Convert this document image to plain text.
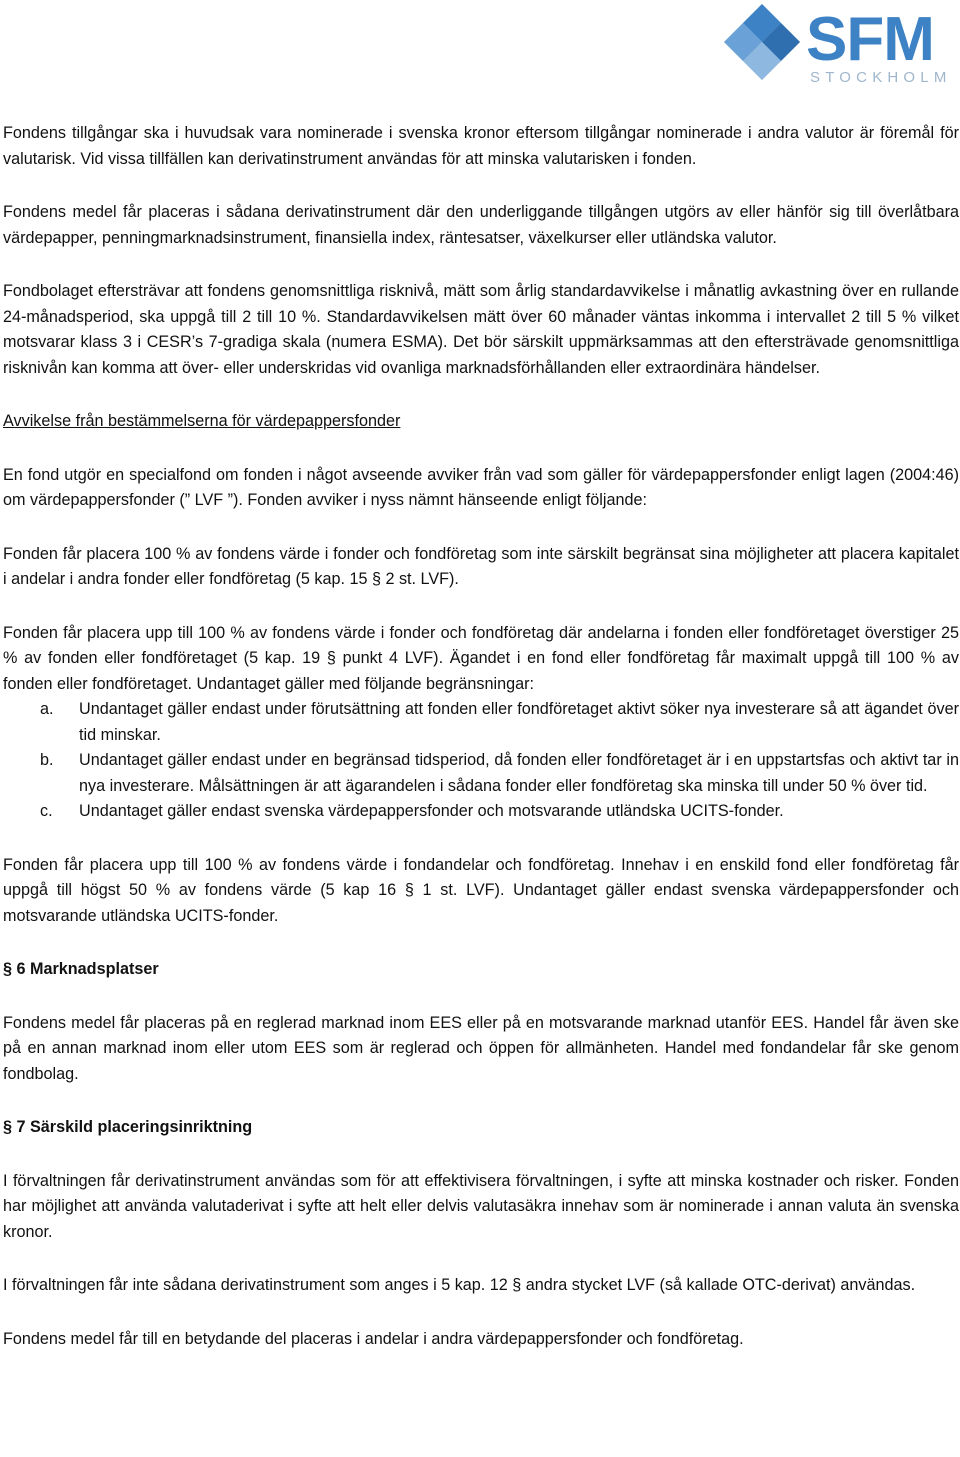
SFM
STOCKHOLM

Fondens tillgångar ska i huvudsak vara nominerade i svenska kronor eftersom tillgångar nominerade i andra valutor är föremål för valutarisk. Vid vissa tillfällen kan derivatinstrument användas för att minska valutarisken i fonden.

Fondens medel får placeras i sådana derivatinstrument där den underliggande tillgången utgörs av eller hänför sig till överlåtbara värdepapper, penningmarknadsinstrument, finansiella index, räntesatser, växelkurser eller utländska valutor.

Fondbolaget eftersträvar att fondens genomsnittliga risknivå, mätt som årlig standardavvikelse i månatlig avkastning över en rullande 24-månadsperiod, ska uppgå till 2 till 10 %. Standardavvikelsen mätt över 60 månader väntas inkomma i intervallet 2 till 5 % vilket motsvarar klass 3 i CESR’s 7-gradiga skala (numera ESMA). Det bör särskilt uppmärksammas att den eftersträvade genomsnittliga risknivån kan komma att över- eller underskridas vid ovanliga marknadsförhållanden eller extraordinära händelser.

Avvikelse från bestämmelserna för värdepappersfonder

En fond utgör en specialfond om fonden i något avseende avviker från vad som gäller för värdepappersfonder enligt lagen (2004:46) om värdepappersfonder (” LVF ”). Fonden avviker i nyss nämnt hänseende enligt följande:

Fonden får placera 100 % av fondens värde i fonder och fondföretag som inte särskilt begränsat sina möjligheter att placera kapitalet i andelar i andra fonder eller fondföretag (5 kap. 15 § 2 st. LVF).

Fonden får placera upp till 100 % av fondens värde i fonder och fondföretag där andelarna i fonden eller fondföretaget överstiger 25 % av fonden eller fondföretaget (5 kap. 19 § punkt 4 LVF). Ägandet i en fond eller fondföretag får maximalt uppgå till 100 % av fonden eller fondföretaget. Undantaget gäller med följande begränsningar:

a.	Undantaget gäller endast under förutsättning att fonden eller fondföretaget aktivt söker nya investerare så att ägandet över tid minskar.
b.	Undantaget gäller endast under en begränsad tidsperiod, då fonden eller fondföretaget är i en uppstartsfas och aktivt tar in nya investerare. Målsättningen är att ägarandelen i sådana fonder eller fondföretag ska minska till under 50 % över tid.
c.	Undantaget gäller endast svenska värdepappersfonder och motsvarande utländska UCITS-fonder.

Fonden får placera upp till 100 % av fondens värde i fondandelar och fondföretag. Innehav i en enskild fond eller fondföretag får uppgå till högst 50 % av fondens värde (5 kap 16 § 1 st. LVF). Undantaget gäller endast svenska värdepappersfonder och motsvarande utländska UCITS-fonder.

§ 6 Marknadsplatser

Fondens medel får placeras på en reglerad marknad inom EES eller på en motsvarande marknad utanför EES. Handel får även ske på en annan marknad inom eller utom EES som är reglerad och öppen för allmänheten. Handel med fondandelar får ske genom fondbolag.

§ 7 Särskild placeringsinriktning

I förvaltningen får derivatinstrument användas som för att effektivisera förvaltningen, i syfte att minska kostnader och risker. Fonden har möjlighet att använda valutaderivat i syfte att helt eller delvis valutasäkra innehav som är nominerade i annan valuta än svenska kronor.

I förvaltningen får inte sådana derivatinstrument som anges i 5 kap. 12 § andra stycket LVF (så kallade OTC-derivat) användas.

Fondens medel får till en betydande del placeras i andelar i andra värdepappersfonder och fondföretag.
